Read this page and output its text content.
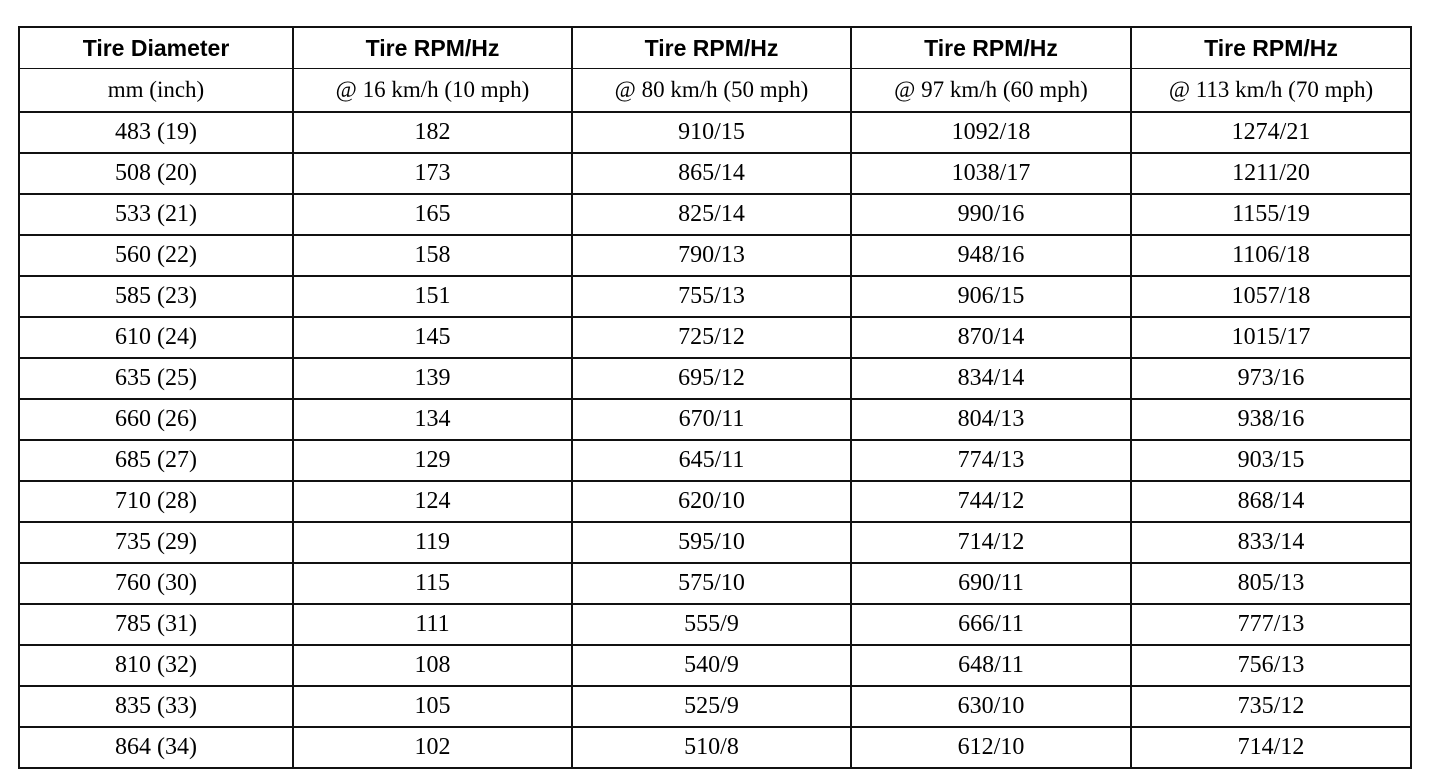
Tire Diameter	Tire RPM/Hz	Tire RPM/Hz	Tire RPM/Hz	Tire RPM/Hz
mm (inch)	@ 16 km/h (10 mph)	@ 80 km/h (50 mph)	@ 97 km/h (60 mph)	@ 113 km/h (70 mph)
483 (19)	182	910/15	1092/18	1274/21
508 (20)	173	865/14	1038/17	1211/20
533 (21)	165	825/14	990/16	1155/19
560 (22)	158	790/13	948/16	1106/18
585 (23)	151	755/13	906/15	1057/18
610 (24)	145	725/12	870/14	1015/17
635 (25)	139	695/12	834/14	973/16
660 (26)	134	670/11	804/13	938/16
685 (27)	129	645/11	774/13	903/15
710 (28)	124	620/10	744/12	868/14
735 (29)	119	595/10	714/12	833/14
760 (30)	115	575/10	690/11	805/13
785 (31)	111	555/9	666/11	777/13
810 (32)	108	540/9	648/11	756/13
835 (33)	105	525/9	630/10	735/12
864 (34)	102	510/8	612/10	714/12
